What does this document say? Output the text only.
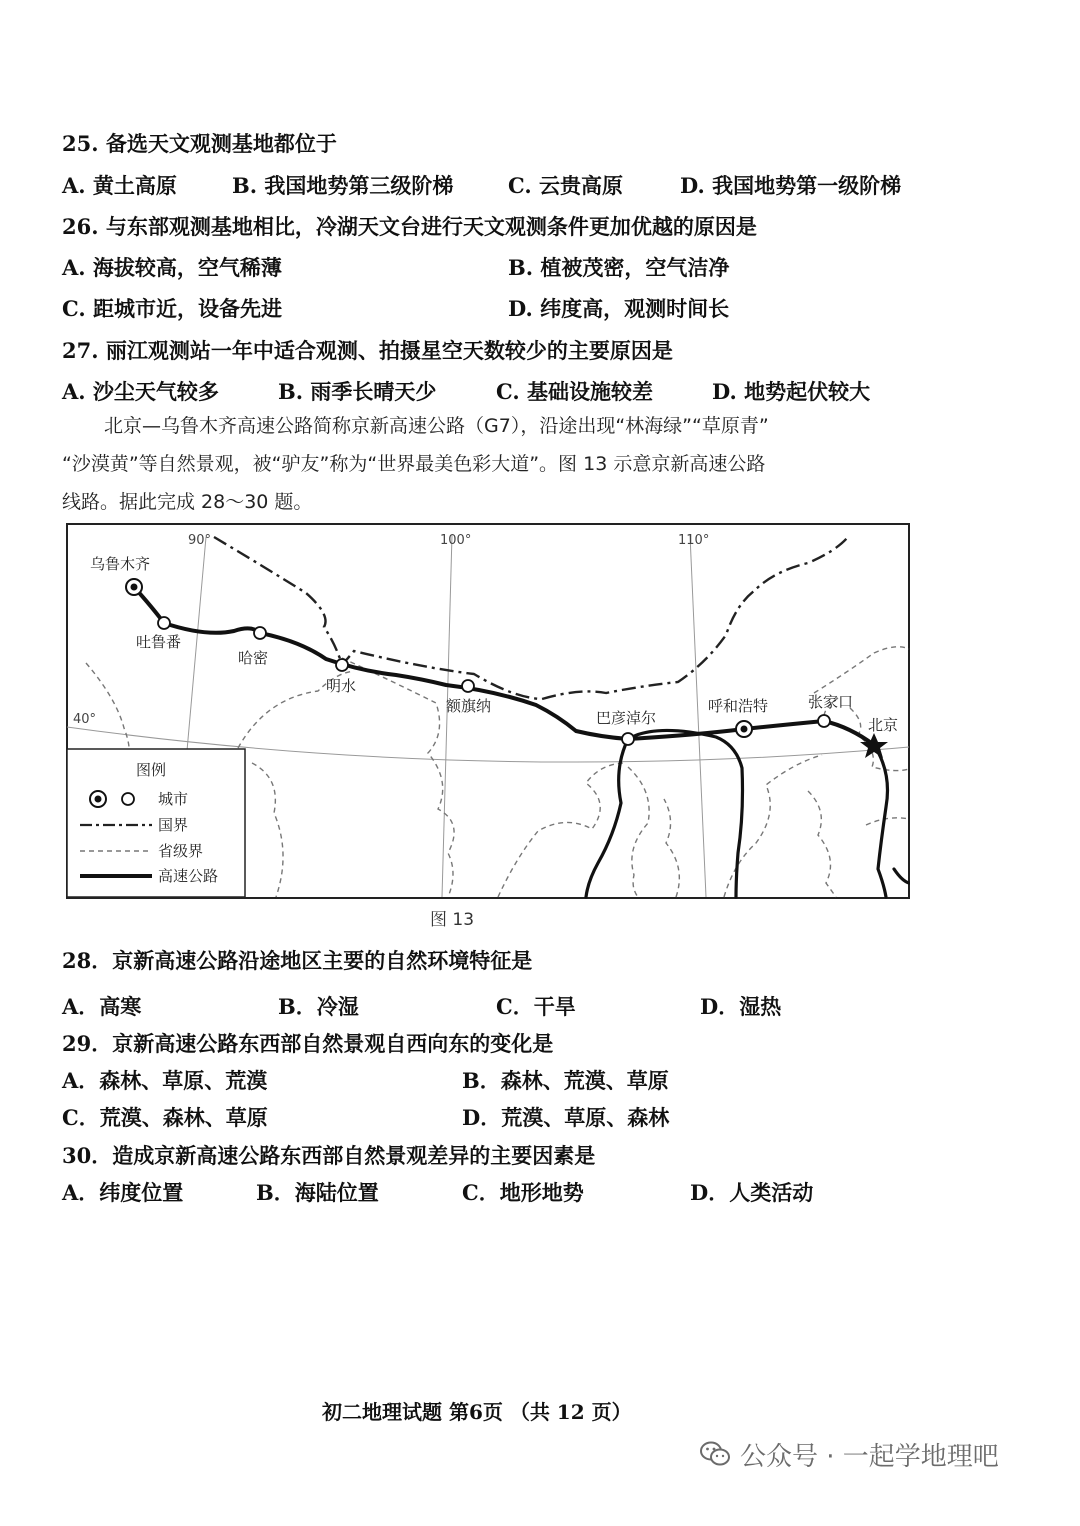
25. 备选天文观测基地都位于
A. 黄土高原	B. 我国地势第三级阶梯	C. 云贵高原	D. 我国地势第一级阶梯
26. 与东部观测基地相比，冷湖天文台进行天文观测条件更加优越的原因是
A. 海拔较高，空气稀薄	B. 植被茂密，空气洁净
C. 距城市近，设备先进	D. 纬度高，观测时间长
27. 丽江观测站一年中适合观测、拍摄星空天数较少的主要原因是
A. 沙尘天气较多	B. 雨季长晴天少	C. 基础设施较差	D. 地势起伏较大
北京—乌鲁木齐高速公路简称京新高速公路（G7），沿途出现“林海绿”“草原青”
“沙漠黄”等自然景观，被“驴友”称为“世界最美色彩大道”。图 13 示意京新高速公路
线路。据此完成 28～30 题。
90°	100°	110°
40°
乌鲁木齐
吐鲁番
哈密
明水
额旗纳
巴彦淖尔
呼和浩特	张家口
北京
图例
城市
国界
省级界
高速公路
图 13
28．京新高速公路沿途地区主要的自然环境特征是
A．高寒	B．冷湿	C．干旱	D．湿热
29．京新高速公路东西部自然景观自西向东的变化是
A．森林、草原、荒漠	B．森林、荒漠、草原
C．荒漠、森林、草原	D．荒漠、草原、森林
30．造成京新高速公路东西部自然景观差异的主要因素是
A．纬度位置	B．海陆位置	C．地形地势	D．人类活动
初二地理试题 第6页 （共 12 页）
公众号 · 一起学地理吧
